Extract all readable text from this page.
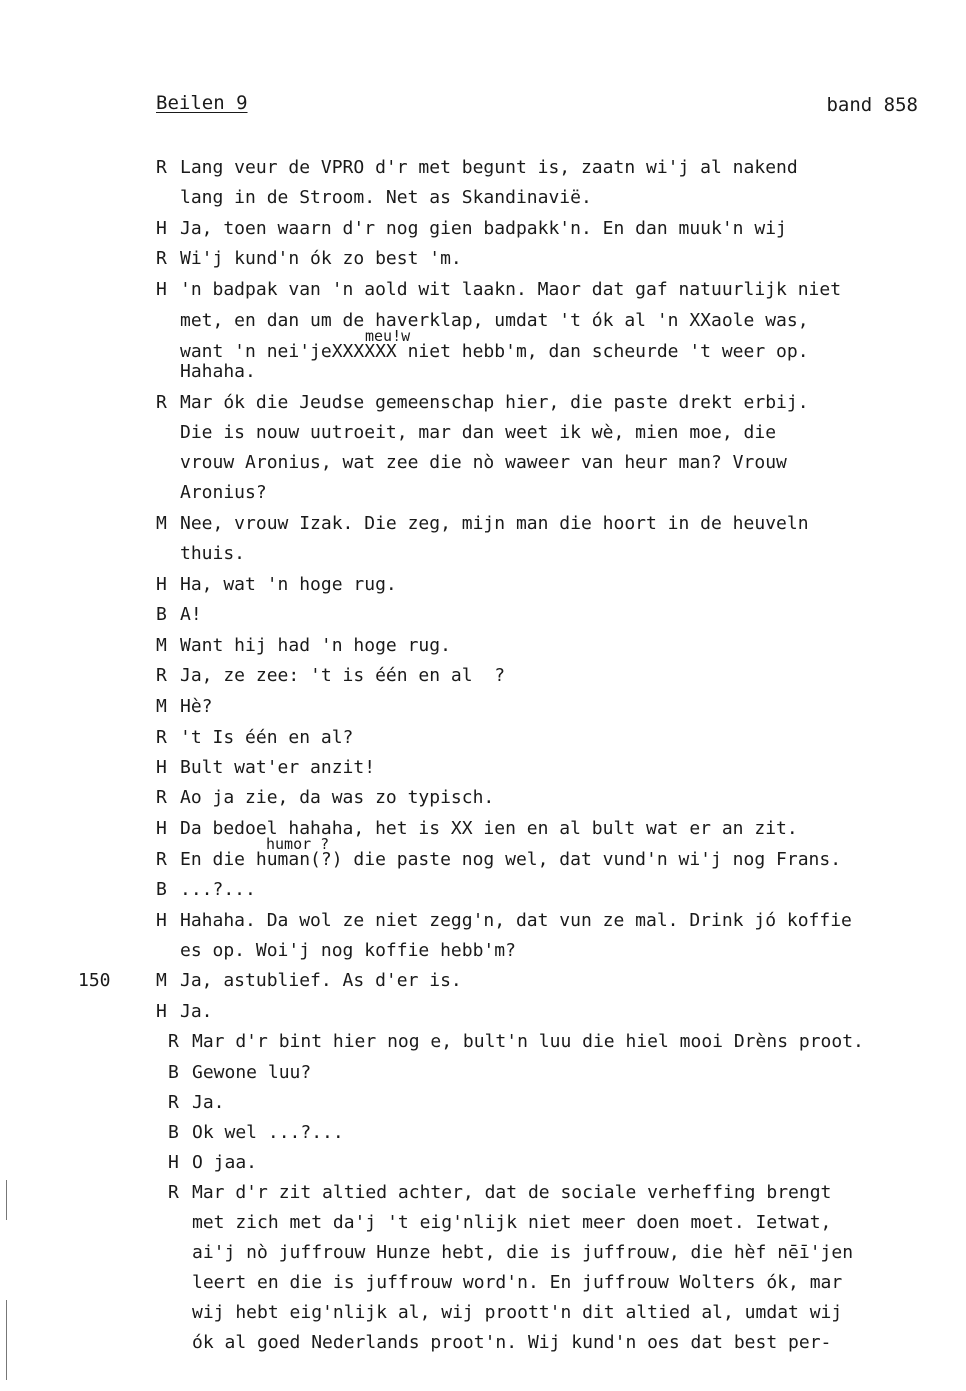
Beilen 9	band 858
150
R Lang veur de VPRO d'r met begunt is, zaatn wi'j al nakend
lang in de Stroom. Net as Skandinavië.
H Ja, toen waarn d'r nog gien badpakk'n. En dan muuk'n wij
R Wi'j kund'n ók zo best 'm.
H 'n badpak van 'n aold wit laakn. Maor dat gaf natuurlijk niet
met, en dan um de haverklap, umdat 't ók al 'n XXaole was,
meu!w
want 'n nei'jeXXXXXX niet hebb'm, dan scheurde 't weer op.
Hahaha.
R Mar ók die Jeudse gemeenschap hier, die paste drekt erbij.
Die is nouw uutroeit, mar dan weet ik wè, mien moe, die
vrouw Aronius, wat zee die nò waweer van heur man? Vrouw
Aronius?
M Nee, vrouw Izak. Die zeg, mijn man die hoort in de heuveln
thuis.
H Ha, wat 'n hoge rug.
B A!
M Want hij had 'n hoge rug.
R Ja, ze zee: 't is één en al  ?
M Hè?
R 't Is één en al?
H Bult wat'er anzit!
R Ao ja zie, da was zo typisch.
H Da bedoel hahaha, het is XX ien en al bult wat er an zit.
humor ?
R En die human(?) die paste nog wel, dat vund'n wi'j nog Frans.
B ...?...
H Hahaha. Da wol ze niet zegg'n, dat vun ze mal. Drink jó koffie
es op. Woi'j nog koffie hebb'm?
M Ja, astublief. As d'er is.
H Ja.
R Mar d'r bint hier nog e, bult'n luu die hiel mooi Drèns proot.
B Gewone luu?
R Ja.
B Ok wel ...?...
H O jaa.
R Mar d'r zit altied achter, dat de sociale verheffing brengt
met zich met da'j 't eig'nlijk niet meer doen moet. Ietwat,
ai'j nò juffrouw Hunze hebt, die is juffrouw, die hèf nēī'jen
leert en die is juffrouw word'n. En juffrouw Wolters ók, mar
wij hebt eig'nlijk al, wij proott'n dit altied al, umdat wij
ók al goed Nederlands proot'n. Wij kund'n oes dat best per-
